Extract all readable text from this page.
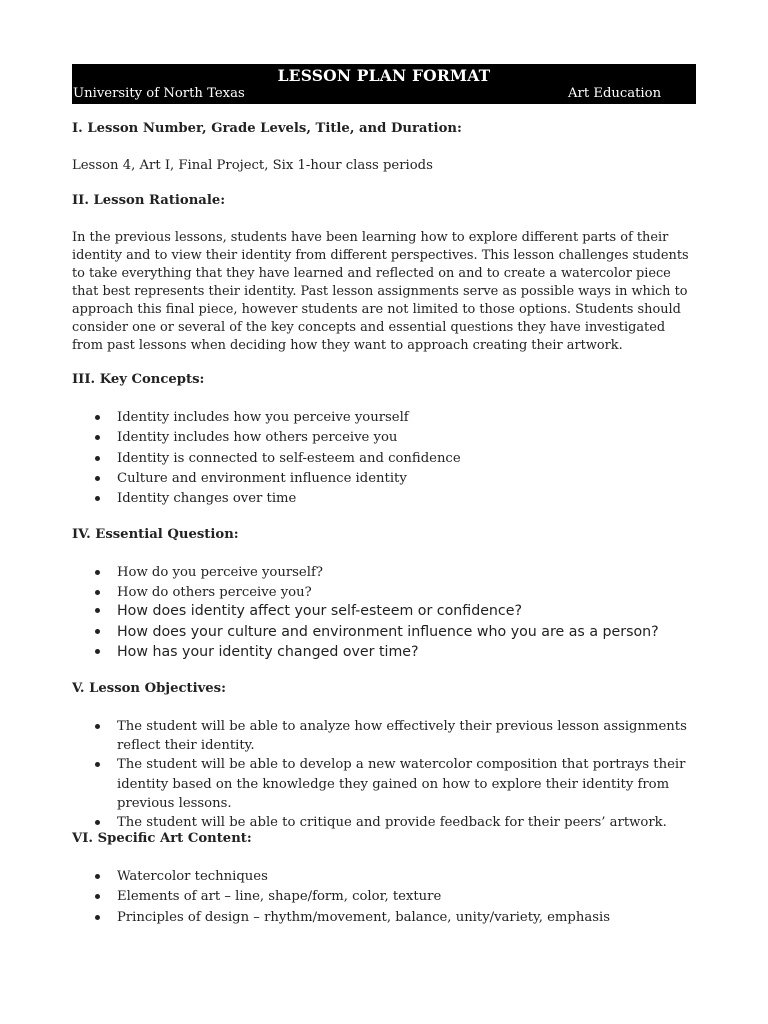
LESSON PLAN FORMAT
University of North Texas	Art Education
I. Lesson Number, Grade Levels, Title, and Duration:
Lesson 4, Art I, Final Project, Six 1-hour class periods
II. Lesson Rationale:
In the previous lessons, students have been learning how to explore different parts of their identity and to view their identity from different perspectives. This lesson challenges students to take everything that they have learned and reflected on and to create a watercolor piece that best represents their identity. Past lesson assignments serve as possible ways in which to approach this final piece, however students are not limited to those options. Students should consider one or several of the key concepts and essential questions they have investigated from past lessons when deciding how they want to approach creating their artwork.
III. Key Concepts:
Identity includes how you perceive yourself
Identity includes how others perceive you
Identity is connected to self-esteem and confidence
Culture and environment influence identity
Identity changes over time
IV. Essential Question:
How do you perceive yourself?
How do others perceive you?
How does identity affect your self-esteem or confidence?
How does your culture and environment influence who you are as a person?
How has your identity changed over time?
V. Lesson Objectives:
The student will be able to analyze how effectively their previous lesson assignments reflect their identity.
The student will be able to develop a new watercolor composition that portrays their identity based on the knowledge they gained on how to explore their identity from previous lessons.
The student will be able to critique and provide feedback for their peers’ artwork.
VI. Specific Art Content:
Watercolor techniques
Elements of art – line, shape/form, color, texture
Principles of design – rhythm/movement, balance, unity/variety, emphasis
